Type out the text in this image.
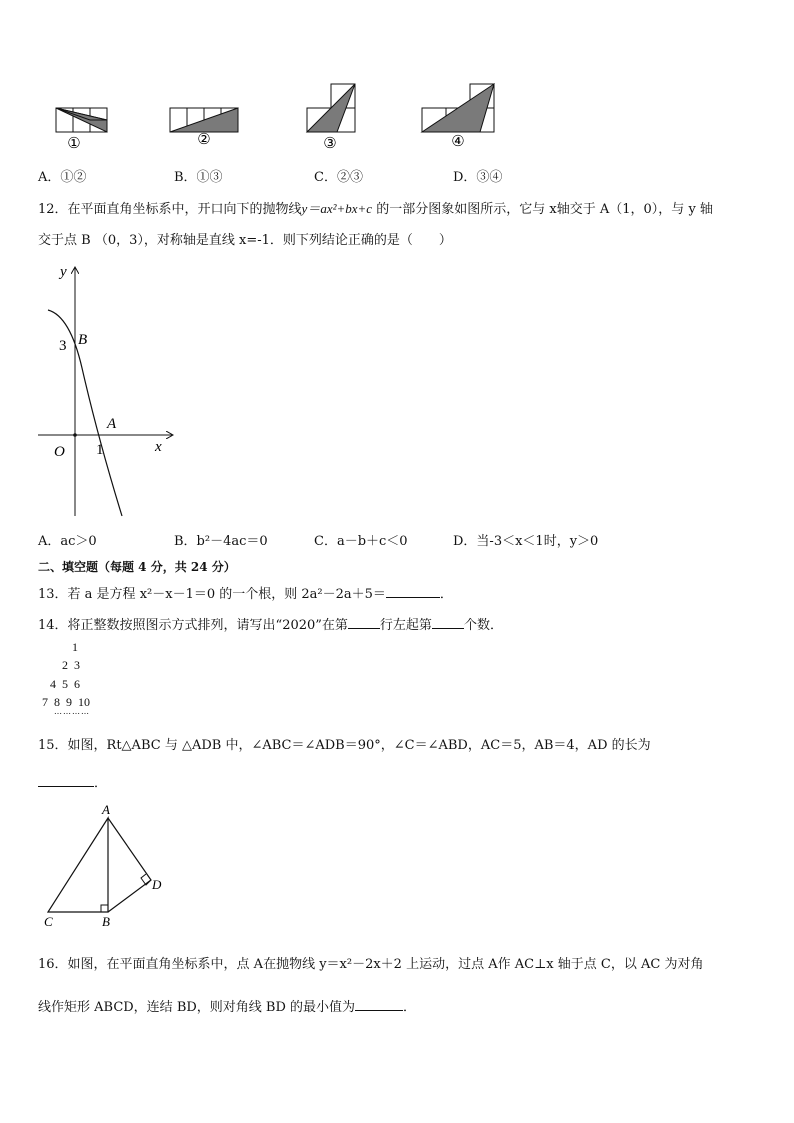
①	②	③	④
A．①②	B．①③	C．②③	D．③④
12．在平面直角坐标系中，开口向下的抛物线y＝ax²+bx+c 的一部分图象如图所示，它与 x轴交于 A（1，0），与 y 轴
交于点 B （0，3），对称轴是直线 x=-1．则下列结论正确的是（　　）
y
x
O
3
1
B
A
A．ac＞0	B．b²－4ac＝0	C．a－b＋c＜0	D．当-3＜x＜1时，y＞0
二、填空题（每题 4 分，共 24 分）
13．若 a 是方程 x²－x－1＝0 的一个根，则 2a²－2a＋5＝	．
14．将正整数按照图示方式排列，请写出“2020”在第 行左起第 个数．
1
2  3
4  5  6
7  8  9  10
…………
15．如图，Rt△ABC 与 △ADB 中，∠ABC＝∠ADB＝90°，∠C＝∠ABD，AC＝5，AB＝4，AD 的长为
．
A
C	B
D
16．如图，在平面直角坐标系中，点 A在抛物线 y＝x²－2x＋2 上运动，过点 A作 AC⊥x 轴于点 C，以 AC 为对角
线作矩形 ABCD，连结 BD，则对角线 BD 的最小值为	．
